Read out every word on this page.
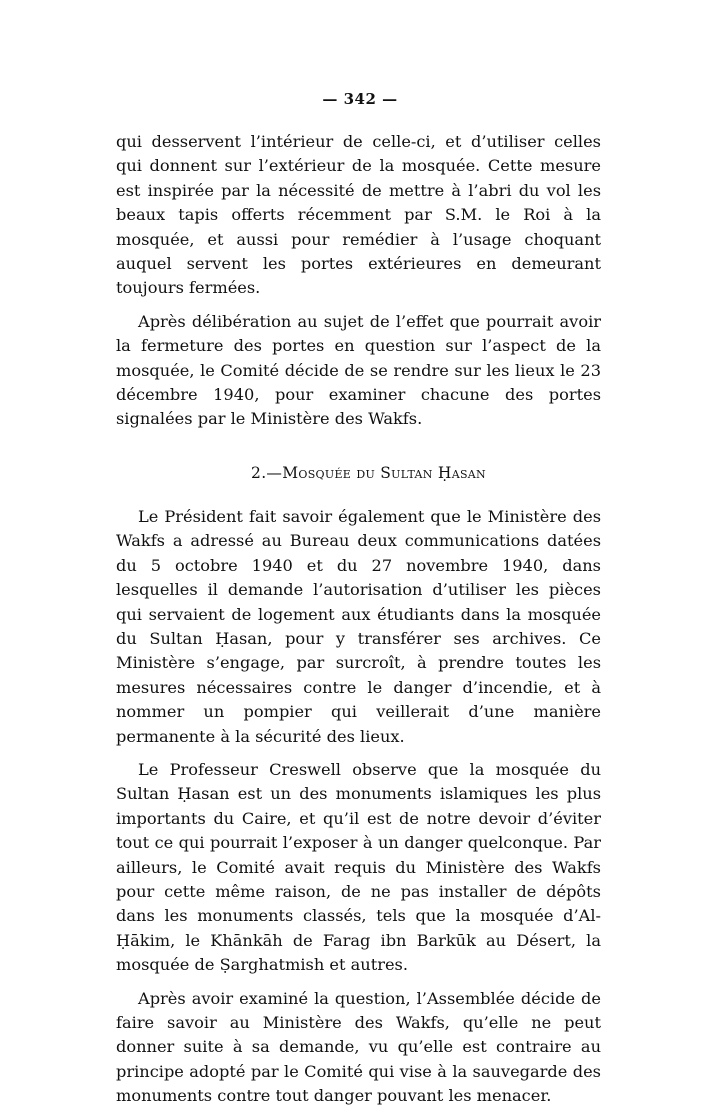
— 342 —

qui desservent l’intérieur de celle-ci, et d’utiliser celles qui donnent sur l’extérieur de la mosquée. Cette mesure est inspirée par la nécessité de mettre à l’abri du vol les beaux tapis offerts récemment par S.M. le Roi à la mosquée, et aussi pour remédier à l’usage choquant auquel servent les portes extérieures en demeurant toujours fermées.

Après délibération au sujet de l’effet que pourrait avoir la fermeture des portes en question sur l’aspect de la mosquée, le Comité décide de se rendre sur les lieux le 23 décembre 1940, pour examiner chacune des portes signalées par le Ministère des Wakfs.

2.—Mosquée du Sultan Ḥasan

Le Président fait savoir également que le Ministère des Wakfs a adressé au Bureau deux communications datées du 5 octobre 1940 et du 27 novembre 1940, dans lesquelles il demande l’autorisation d’utiliser les pièces qui servaient de logement aux étudiants dans la mosquée du Sultan Ḥasan, pour y transférer ses archives. Ce Ministère s’engage, par surcroît, à prendre toutes les mesures nécessaires contre le danger d’incendie, et à nommer un pompier qui veillerait d’une manière permanente à la sécurité des lieux.

Le Professeur Creswell observe que la mosquée du Sultan Ḥasan est un des monuments islamiques les plus importants du Caire, et qu’il est de notre devoir d’éviter tout ce qui pourrait l’exposer à un danger quelconque. Par ailleurs, le Comité avait requis du Ministère des Wakfs pour cette même raison, de ne pas installer de dépôts dans les monuments classés, tels que la mosquée d’Al-Ḥākim, le Khānkāh de Farag ibn Barkūk au Désert, la mosquée de Ṣarghatmish et autres.

Après avoir examiné la question, l’Assemblée décide de faire savoir au Ministère des Wakfs, qu’elle ne peut donner suite à sa demande, vu qu’elle est contraire au principe adopté par le Comité qui vise à la sauvegarde des monuments contre tout danger pouvant les menacer.
